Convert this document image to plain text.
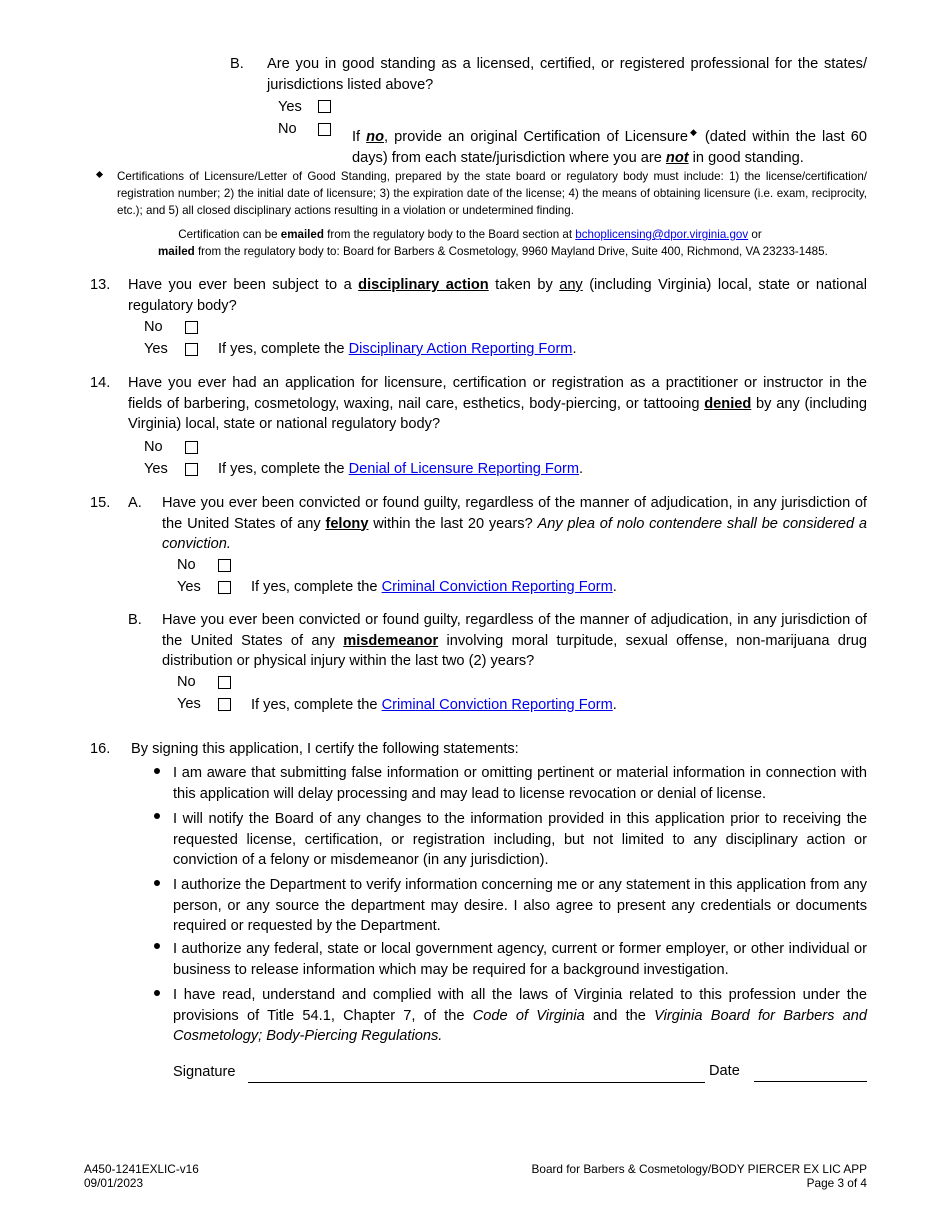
B. Are you in good standing as a licensed, certified, or registered professional for the states/ jurisdictions listed above?
Yes
No	If no, provide an original Certification of Licensure◆ (dated within the last 60 days) from each state/jurisdiction where you are not in good standing.
Certifications of Licensure/Letter of Good Standing, prepared by the state board or regulatory body must include: 1) the license/certification/ registration number; 2) the initial date of licensure; 3) the expiration date of the license; 4) the means of obtaining licensure (i.e. exam, reciprocity, etc.); and 5) all closed disciplinary actions resulting in a violation or undetermined finding.
Certification can be emailed from the regulatory body to the Board section at bchoplicensing@dpor.virginia.gov or
mailed from the regulatory body to: Board for Barbers & Cosmetology, 9960 Mayland Drive, Suite 400, Richmond, VA 23233-1485.
13. Have you ever been subject to a disciplinary action taken by any (including Virginia) local, state or national regulatory body?
No
Yes	If yes, complete the Disciplinary Action Reporting Form.
14. Have you ever had an application for licensure, certification or registration as a practitioner or instructor in the fields of barbering, cosmetology, waxing, nail care, esthetics, body-piercing, or tattooing denied by any (including Virginia) local, state or national regulatory body?
No
Yes	If yes, complete the Denial of Licensure Reporting Form.
15. A. Have you ever been convicted or found guilty, regardless of the manner of adjudication, in any jurisdiction of the United States of any felony within the last 20 years? Any plea of nolo contendere shall be considered a conviction.
No
Yes	If yes, complete the Criminal Conviction Reporting Form.
B. Have you ever been convicted or found guilty, regardless of the manner of adjudication, in any jurisdiction of the United States of any misdemeanor involving moral turpitude, sexual offense, non-marijuana drug distribution or physical injury within the last two (2) years?
No
Yes	If yes, complete the Criminal Conviction Reporting Form.
16. By signing this application, I certify the following statements:
I am aware that submitting false information or omitting pertinent or material information in connection with this application will delay processing and may lead to license revocation or denial of license.
I will notify the Board of any changes to the information provided in this application prior to receiving the requested license, certification, or registration including, but not limited to any disciplinary action or conviction of a felony or misdemeanor (in any jurisdiction).
I authorize the Department to verify information concerning me or any statement in this application from any person, or any source the department may desire. I also agree to present any credentials or documents required or requested by the Department.
I authorize any federal, state or local government agency, current or former employer, or other individual or business to release information which may be required for a background investigation.
I have read, understand and complied with all the laws of Virginia related to this profession under the provisions of Title 54.1, Chapter 7, of the Code of Virginia and the Virginia Board for Barbers and Cosmetology; Body-Piercing Regulations.
Signature	Date
A450-1241EXLIC-v16
09/01/2023
Board for Barbers & Cosmetology/BODY PIERCER EX LIC APP
Page 3 of 4
